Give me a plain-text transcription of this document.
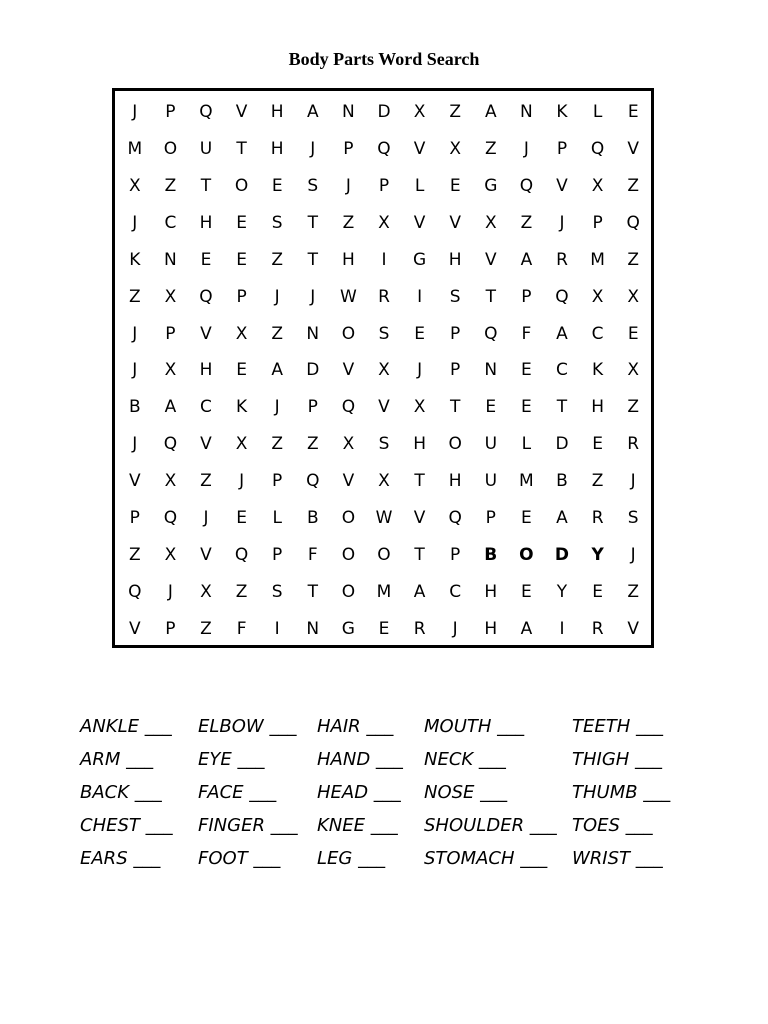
Body Parts Word Search
J	P	Q	V	H	A	N	D	X	Z	A	N	K	L	E
M	O	U	T	H	J	P	Q	V	X	Z	J	P	Q	V
X	Z	T	O	E	S	J	P	L	E	G	Q	V	X	Z
J	C	H	E	S	T	Z	X	V	V	X	Z	J	P	Q
K	N	E	E	Z	T	H	I	G	H	V	A	R	M	Z
Z	X	Q	P	J	J	W	R	I	S	T	P	Q	X	X
J	P	V	X	Z	N	O	S	E	P	Q	F	A	C	E
J	X	H	E	A	D	V	X	J	P	N	E	C	K	X
B	A	C	K	J	P	Q	V	X	T	E	E	T	H	Z
J	Q	V	X	Z	Z	X	S	H	O	U	L	D	E	R
V	X	Z	J	P	Q	V	X	T	H	U	M	B	Z	J
P	Q	J	E	L	B	O	W	V	Q	P	E	A	R	S
Z	X	V	Q	P	F	O	O	T	P	B	O	D	Y	J
Q	J	X	Z	S	T	O	M	A	C	H	E	Y	E	Z
V	P	Z	F	I	N	G	E	R	J	H	A	I	R	V
ANKLE ___ ELBOW ___ HAIR ___ MOUTH ___	TEETH ___
ARM ___ EYE ___	HAND ___ NECK ___	THIGH ___
BACK ___ FACE ___ HEAD ___ NOSE ___	THUMB ___
CHEST ___ FINGER ___ KNEE ___ SHOULDER ___ TOES ___
EARS ___ FOOT ___ LEG ___ STOMACH ___ WRIST ___
